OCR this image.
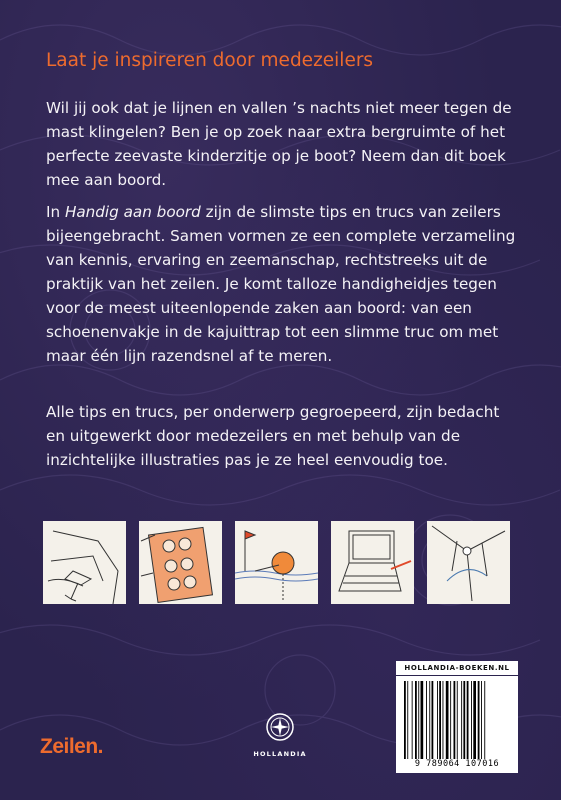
Laat je inspireren door medezeilers

Wil jij ook dat je lijnen en vallen ’s nachts niet meer tegen de mast klingelen? Ben je op zoek naar extra bergruimte of het perfecte zeevaste kinderzitje op je boot? Neem dan dit boek mee aan boord.

In Handig aan boord zijn de slimste tips en trucs van zeilers bijeengebracht. Samen vormen ze een complete verzameling van kennis, ervaring en zeemanschap, rechtstreeks uit de praktijk van het zeilen. Je komt talloze handigheidjes tegen voor de meest uiteenlopende zaken aan boord: van een schoenenvakje in de kajuittrap tot een slimme truc om met maar één lijn razendsnel af te meren.

Alle tips en trucs, per onderwerp gegroepeerd, zijn bedacht en uitgewerkt door medezeilers en met behulp van de inzichtelijke illustraties pas je ze heel eenvoudig toe.

HOLLANDIA-BOEKEN.NL
9 789064 107016
Zeilen.	HOLLANDIA
